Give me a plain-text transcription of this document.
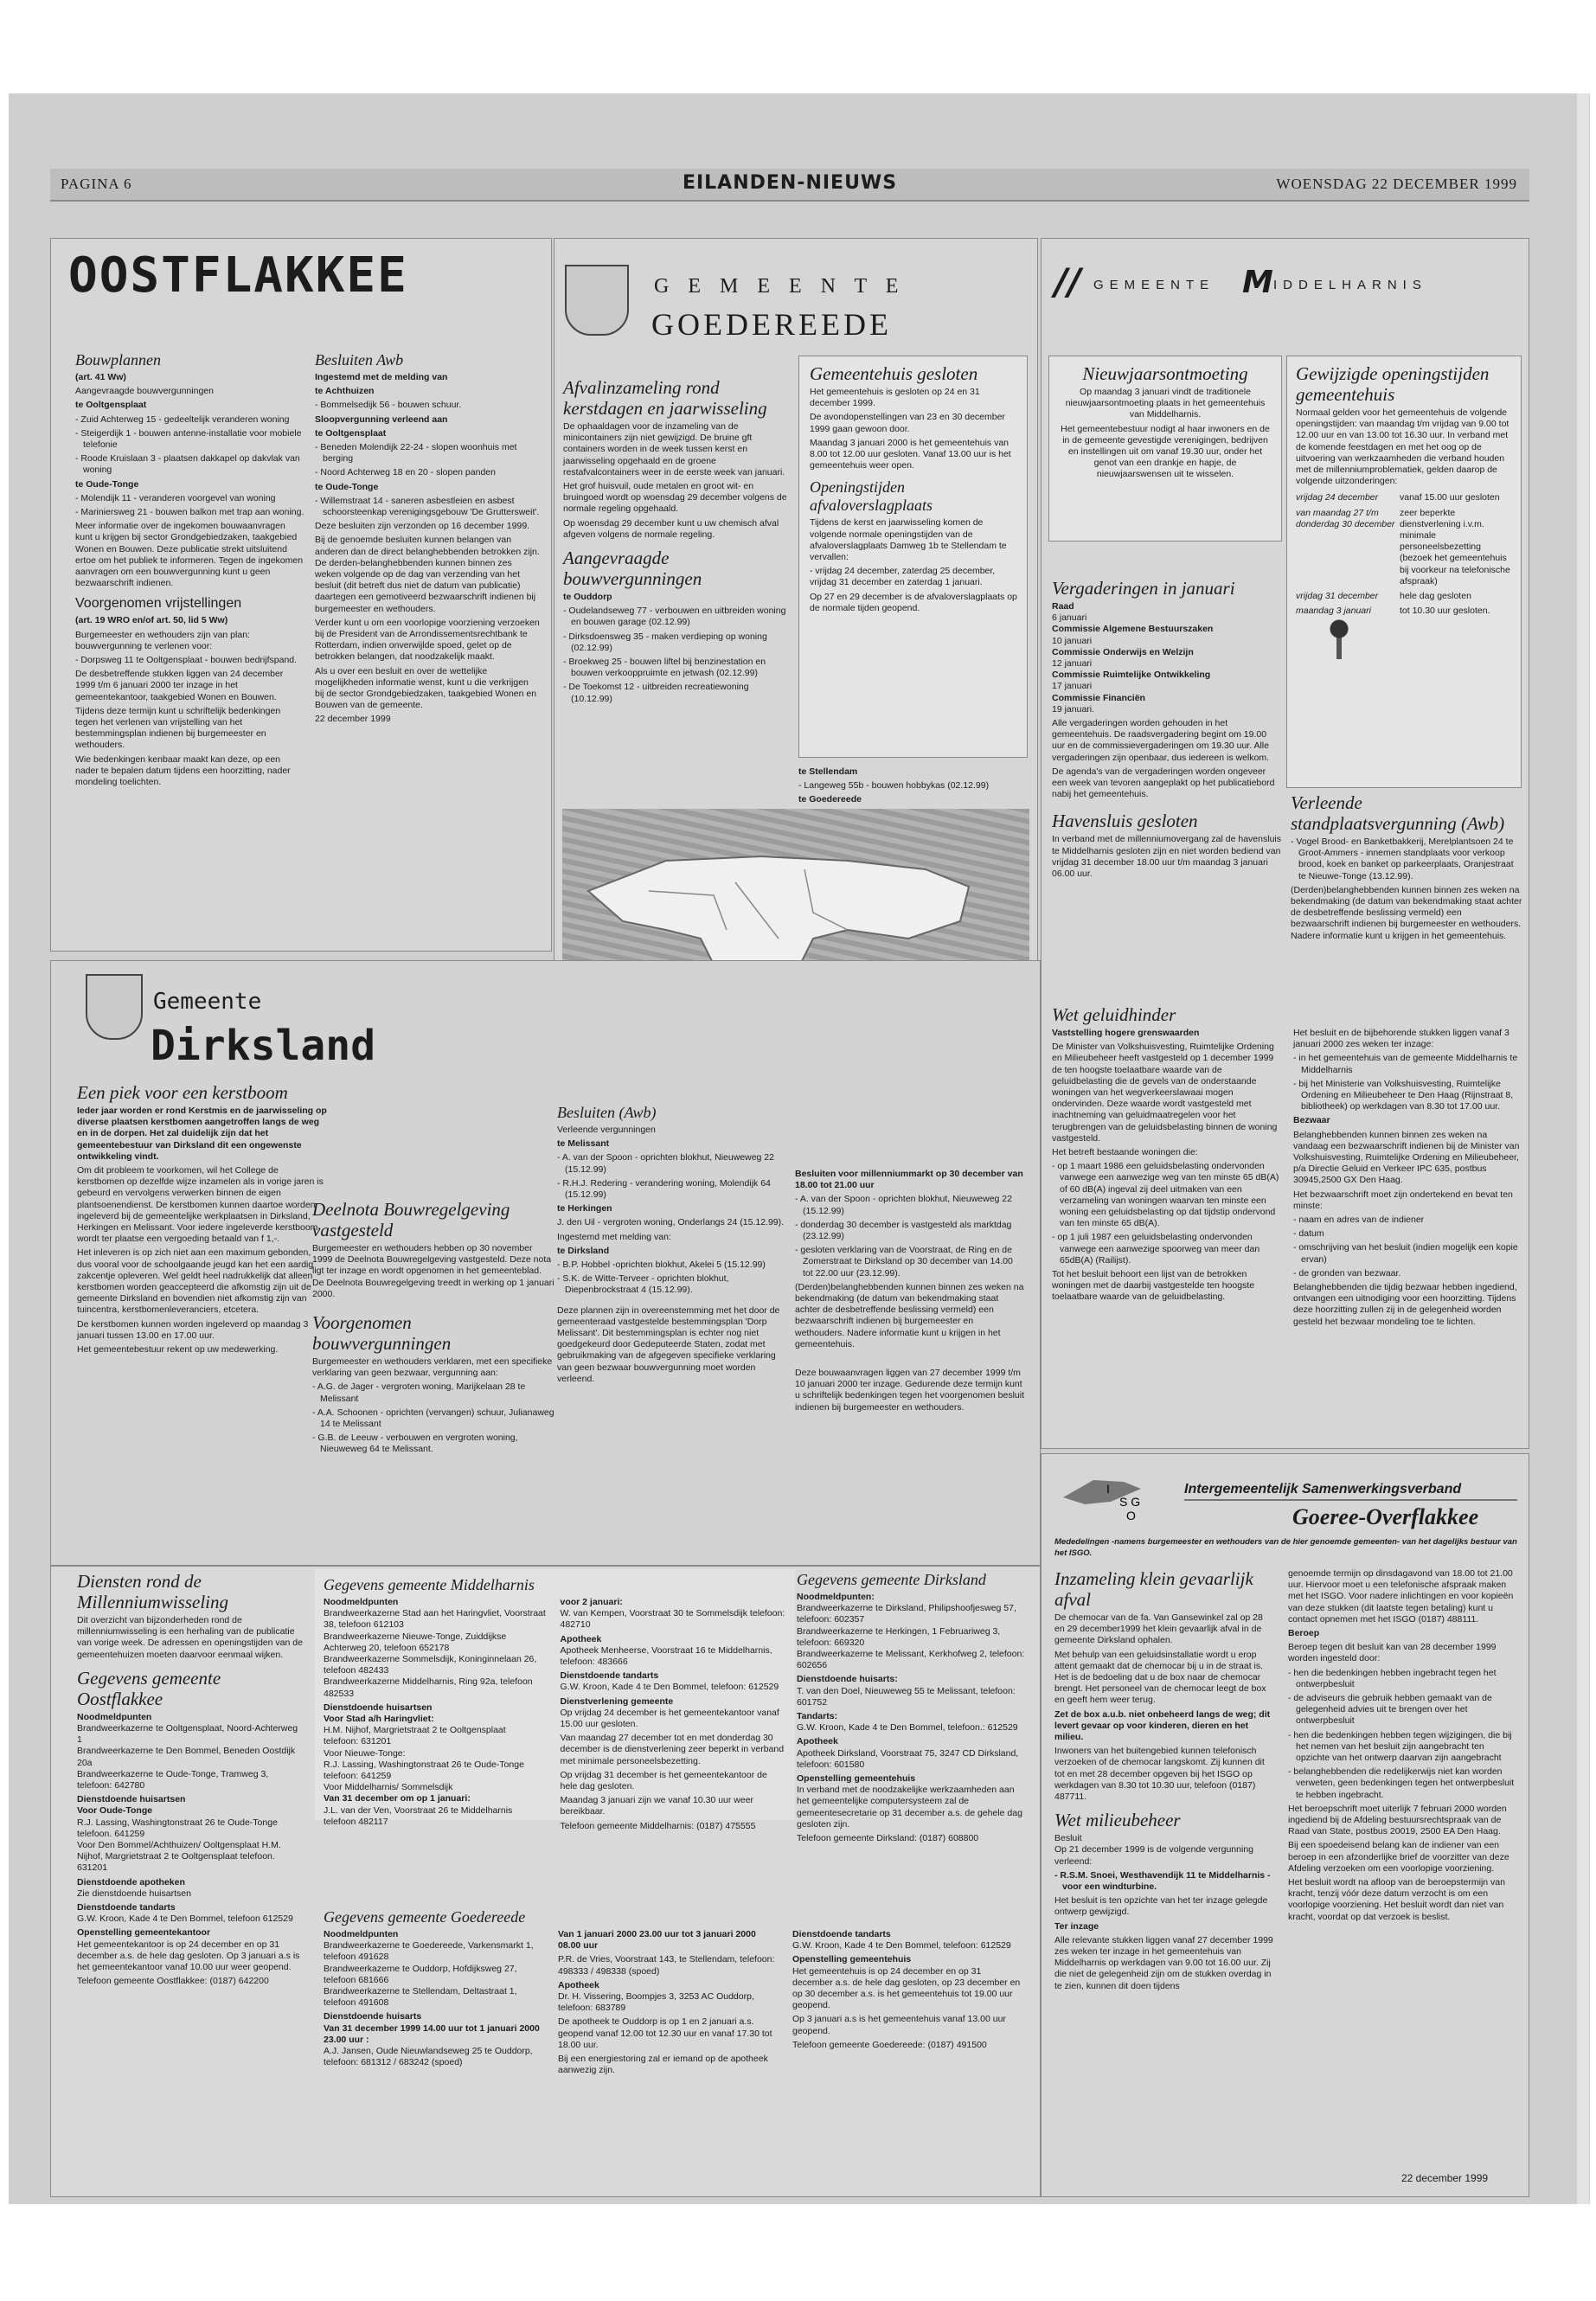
PAGINA 6	EILANDEN-NIEUWS	WOENSDAG 22 DECEMBER 1999
OOSTFLAKKEE
Bouwplannen

(art. 41 Ww)

Aangevraagde bouwvergunningen

te Ooltgensplaat

- Zuid Achterweg 15 - gedeeltelijk veranderen woning

- Steigerdijk 1 - bouwen antenne-installatie voor mobiele telefonie

- Roode Kruislaan 3 - plaatsen dakkapel op dakvlak van woning

te Oude-Tonge

- Molendijk 11 - veranderen voorgevel van woning

- Mariniersweg 21 - bouwen balkon met trap aan woning.

Meer informatie over de ingekomen bouwaanvragen kunt u krijgen bij sector Grondgebiedzaken, taakgebied Wonen en Bouwen. Deze publicatie strekt uitsluitend ertoe om het publiek te informeren. Tegen de ingekomen aanvragen om een bouwvergunning kunt u geen bezwaarschrift indienen.

Voorgenomen vrijstellingen

(art. 19 WRO en/of art. 50, lid 5 Ww)

Burgemeester en wethouders zijn van plan: bouwvergunning te verlenen voor:

- Dorpsweg 11 te Ooltgensplaat - bouwen bedrijfspand.

De desbetreffende stukken liggen van 24 december 1999 t/m 6 januari 2000 ter inzage in het gemeentekantoor, taakgebied Wonen en Bouwen.

Tijdens deze termijn kunt u schriftelijk bedenkingen tegen het verlenen van vrijstelling van het bestemmingsplan indienen bij burgemeester en wethouders.

Wie bedenkingen kenbaar maakt kan deze, op een nader te bepalen datum tijdens een hoorzitting, nader mondeling toelichten.

Besluiten Awb

Ingestemd met de melding van

te Achthuizen

- Bommelsedijk 56 - bouwen schuur.

Sloopvergunning verleend aan

te Ooltgensplaat

- Beneden Molendijk 22-24 - slopen woonhuis met berging

- Noord Achterweg 18 en 20 - slopen panden

te Oude-Tonge

- Willemstraat 14 - saneren asbestleien en asbest schoorsteenkap verenigingsgebouw 'De Gruttersweit'.

Deze besluiten zijn verzonden op 16 december 1999.

Bij de genoemde besluiten kunnen belangen van anderen dan de direct belanghebbenden betrokken zijn. De derden-belanghebbenden kunnen binnen zes weken volgende op de dag van verzending van het besluit (dit betreft dus niet de datum van publicatie) daartegen een gemotiveerd bezwaarschrift indienen bij burgemeester en wethouders.

Verder kunt u om een voorlopige voorziening verzoeken bij de President van de Arrondissementsrechtbank te Rotterdam, indien onverwijlde spoed, gelet op de betrokken belangen, dat noodzakelijk maakt.

Als u over een besluit en over de wettelijke mogelijkheden informatie wenst, kunt u die verkrijgen bij de sector Grondgebiedzaken, taakgebied Wonen en Bouwen van de gemeente.

22 december 1999

G E M E E N T E
GOEDEREEDE
Afvalinzameling rond kerstdagen en jaarwisseling

De ophaaldagen voor de inzameling van de minicontainers zijn niet gewijzigd. De bruine gft containers worden in de week tussen kerst en jaarwisseling opgehaald en de groene restafvalcontainers weer in de eerste week van januari.

Het grof huisvuil, oude metalen en groot wit- en bruingoed wordt op woensdag 29 december volgens de normale regeling opgehaald.

Op woensdag 29 december kunt u uw chemisch afval afgeven volgens de normale regeling.

Aangevraagde bouwvergunningen

te Ouddorp

- Oudelandseweg 77 - verbouwen en uitbreiden woning en bouwen garage (02.12.99)

- Dirksdoensweg 35 - maken verdieping op woning (02.12.99)

- Broekweg 25 - bouwen liftel bij benzinestation en bouwen verkooppruimte en jetwash (02.12.99)

- De Toekomst 12 - uitbreiden recreatiewoning (10.12.99)

Gemeentehuis gesloten

Het gemeentehuis is gesloten op 24 en 31 december 1999.

De avondopenstellingen van 23 en 30 december 1999 gaan gewoon door.

Maandag 3 januari 2000 is het gemeentehuis van 8.00 tot 12.00 uur gesloten. Vanaf 13.00 uur is het gemeentehuis weer open.

Openingstijden afvaloverslagplaats

Tijdens de kerst en jaarwisseling komen de volgende normale openingstijden van de afvaloverslagplaats Damweg 1b te Stellendam te vervallen:

- vrijdag 24 december, zaterdag 25 december, vrijdag 31 december en zaterdag 1 januari.

Op 27 en 29 december is de afvaloverslagplaats op de normale tijden geopend.

te Stellendam

- Langeweg 55b - bouwen hobbykas (02.12.99)

te Goedereede

// GEMEENTE M IDDELHARNIS
Nieuwjaarsontmoeting

Op maandag 3 januari vindt de traditionele nieuwjaarsontmoeting plaats in het gemeentehuis van Middelharnis.

Het gemeentebestuur nodigt al haar inwoners en de in de gemeente gevestigde verenigingen, bedrijven en instellingen uit om vanaf 19.30 uur, onder het genot van een drankje en hapje, de nieuwjaarswensen uit te wisselen.

Vergaderingen in januari

Raad

6 januari

Commissie Algemene Bestuurszaken

10 januari

Commissie Onderwijs en Welzijn

12 januari

Commissie Ruimtelijke Ontwikkeling

17 januari

Commissie Financiën

19 januari.

Alle vergaderingen worden gehouden in het gemeentehuis. De raadsvergadering begint om 19.00 uur en de commissievergaderingen om 19.30 uur. Alle vergaderingen zijn openbaar, dus iedereen is welkom.

De agenda's van de vergaderingen worden ongeveer een week van tevoren aangeplakt op het publicatiebord nabij het gemeentehuis.

Havensluis gesloten

In verband met de millenniumovergang zal de havensluis te Middelharnis gesloten zijn en niet worden bediend van vrijdag 31 december 18.00 uur t/m maandag 3 januari 06.00 uur.

Gewijzigde openingstijden gemeentehuis

Normaal gelden voor het gemeentehuis de volgende openingstijden: van maandag t/m vrijdag van 9.00 tot 12.00 uur en van 13.00 tot 16.30 uur. In verband met de komende feestdagen en met het oog op de uitvoering van werkzaamheden die verband houden met de millenniumproblematiek, gelden daarop de volgende uitzonderingen:

vrijdag 24 december	vanaf 15.00 uur gesloten
van maandag 27 t/m donderdag 30 december	zeer beperkte dienstverlening i.v.m. minimale personeelsbezetting (bezoek het gemeentehuis bij voorkeur na telefonische afspraak)
vrijdag 31 december	hele dag gesloten
maandag 3 januari	tot 10.30 uur gesloten.
Verleende standplaatsvergunning (Awb)

- Vogel Brood- en Banketbakkerij, Merelplantsoen 24 te Groot-Ammers - innemen standplaats voor verkoop brood, koek en banket op parkeerplaats, Oranjestraat te Nieuwe-Tonge (13.12.99).

(Derden)belanghebbenden kunnen binnen zes weken na bekendmaking (de datum van bekendmaking staat achter de desbetreffende beslissing vermeld) een bezwaarschrift indienen bij burgemeester en wethouders. Nadere informatie kunt u krijgen in het gemeentehuis.

Wet geluidhinder

Vaststelling hogere grenswaarden

De Minister van Volkshuisvesting, Ruimtelijke Ordening en Milieubeheer heeft vastgesteld op 1 december 1999 de ten hoogste toelaatbare waarde van de geluidbelasting die de gevels van de onderstaande woningen van het wegverkeerslawaai mogen ondervinden. Deze waarde wordt vastgesteld met inachtneming van geluidmaatregelen voor het terugbrengen van de geluidsbelasting binnen de woning vastgesteld.

Het betreft bestaande woningen die:

- op 1 maart 1986 een geluidsbelasting ondervonden vanwege een aanwezige weg van ten minste 65 dB(A) of 60 dB(A) ingeval zij deel uitmaken van een verzameling van woningen waarvan ten minste een woning een geluidsbelasting op dat tijdstip ondervond van ten minste 65 dB(A).

- op 1 juli 1987 een geluidsbelasting ondervonden vanwege een aanwezige spoorweg van meer dan 65dB(A) (Railijst).

Tot het besluit behoort een lijst van de betrokken woningen met de daarbij vastgestelde ten hoogste toelaatbare waarde van de geluidbelasting.

Het besluit en de bijbehorende stukken liggen vanaf 3 januari 2000 zes weken ter inzage:

- in het gemeentehuis van de gemeente Middelharnis te Middelharnis

- bij het Ministerie van Volkshuisvesting, Ruimtelijke Ordening en Milieubeheer te Den Haag (Rijnstraat 8, bibliotheek) op werkdagen van 8.30 tot 17.00 uur.

Bezwaar

Belanghebbenden kunnen binnen zes weken na vandaag een bezwaarschrift indienen bij de Minister van Volkshuisvesting, Ruimtelijke Ordening en Milieubeheer, p/a Directie Geluid en Verkeer IPC 635, postbus 30945,2500 GX Den Haag.

Het bezwaarschrift moet zijn ondertekend en bevat ten minste:

- naam en adres van de indiener

- datum

- omschrijving van het besluit (indien mogelijk een kopie ervan)

- de gronden van bezwaar.

Belanghebbenden die tijdig bezwaar hebben ingediend, ontvangen een uitnodiging voor een hoorzitting. Tijdens deze hoorzitting zullen zij in de gelegenheid worden gesteld het bezwaar mondeling toe te lichten.

Gemeente
Dirksland
Een piek voor een kerstboom

Ieder jaar worden er rond Kerstmis en de jaarwisseling op diverse plaatsen kerstbomen aangetroffen langs de weg en in de dorpen. Het zal duidelijk zijn dat het gemeentebestuur van Dirksland dit een ongewenste ontwikkeling vindt.

Om dit probleem te voorkomen, wil het College de kerstbomen op dezelfde wijze inzamelen als in vorige jaren is gebeurd en vervolgens verwerken binnen de eigen plantsoenendienst. De kerstbomen kunnen daartoe worden ingeleverd bij de gemeentelijke werkplaatsen in Dirksland, Herkingen en Melissant. Voor iedere ingeleverde kerstboom wordt ter plaatse een vergoeding betaald van f 1,-.

Het inleveren is op zich niet aan een maximum gebonden, dus vooral voor de schoolgaande jeugd kan het een aardig zakcentje opleveren. Wel geldt heel nadrukkelijk dat alleen kerstbomen worden geaccepteerd die afkomstig zijn uit de gemeente Dirksland en bovendien niet afkomstig zijn van tuincentra, kerstbomenleveranciers, etcetera.

De kerstbomen kunnen worden ingeleverd op maandag 3 januari tussen 13.00 en 17.00 uur.

Het gemeentebestuur rekent op uw medewerking.

Deelnota Bouwregelgeving vastgesteld

Burgemeester en wethouders hebben op 30 november 1999 de Deelnota Bouwregelgeving vastgesteld. Deze nota ligt ter inzage en wordt opgenomen in het gemeenteblad. De Deelnota Bouwregelgeving treedt in werking op 1 januari 2000.

Voorgenomen bouwvergunningen

Burgemeester en wethouders verklaren, met een specifieke verklaring van geen bezwaar, vergunning aan:

- A.G. de Jager - vergroten woning, Marijkelaan 28 te Melissant

- A.A. Schoonen - oprichten (vervangen) schuur, Julianaweg 14 te Melissant

- G.B. de Leeuw - verbouwen en vergroten woning, Nieuweweg 64 te Melissant.

Besluiten (Awb)

Verleende vergunningen

te Melissant

- A. van der Spoon - oprichten blokhut, Nieuweweg 22 (15.12.99)

- R.H.J. Redering - verandering woning, Molendijk 64 (15.12.99)

te Herkingen

J. den Uil - vergroten woning, Onderlangs 24 (15.12.99).

Ingestemd met melding van:

te Dirksland

- B.P. Hobbel -oprichten blokhut, Akelei 5 (15.12.99)

- S.K. de Witte-Terveer - oprichten blokhut, Diepenbrockstraat 4 (15.12.99).

Deze plannen zijn in overeenstemming met het door de gemeenteraad vastgestelde bestemmingsplan 'Dorp Melissant'. Dit bestemmingsplan is echter nog niet goedgekeurd door Gedeputeerde Staten, zodat met gebruikmaking van de afgegeven specifieke verklaring van geen bezwaar bouwvergunning moet worden verleend.

Besluiten voor millenniummarkt op 30 december van 18.00 tot 21.00 uur

- A. van der Spoon - oprichten blokhut, Nieuweweg 22 (15.12.99)

- donderdag 30 december is vastgesteld als marktdag (23.12.99)

- gesloten verklaring van de Voorstraat, de Ring en de Zomerstraat te Dirksland op 30 december van 14.00 tot 22.00 uur (23.12.99).

(Derden)belanghebbenden kunnen binnen zes weken na bekendmaking (de datum van bekendmaking staat achter de desbetreffende beslissing vermeld) een bezwaarschrift indienen bij burgemeester en wethouders. Nadere informatie kunt u krijgen in het gemeentehuis.

Deze bouwaanvragen liggen van 27 december 1999 t/m 10 januari 2000 ter inzage. Gedurende deze termijn kunt u schriftelijk bedenkingen tegen het voorgenomen besluit indienen bij burgemeester en wethouders.

I
S G
O
Intergemeentelijk Samenwerkingsverband
Goeree-Overflakkee
Mededelingen -namens burgemeester en wethouders van de hier genoemde gemeenten- van het dagelijks bestuur van het ISGO.
Inzameling klein gevaarlijk afval

De chemocar van de fa. Van Gansewinkel zal op 28 en 29 december1999 het klein gevaarlijk afval in de gemeente Dirksland ophalen.

Met behulp van een geluidsinstallatie wordt u erop attent gemaakt dat de chemocar bij u in de straat is. Het is de bedoeling dat u de box naar de chemocar brengt. Het personeel van de chemocar leegt de box en geeft hem weer terug.

Zet de box a.u.b. niet onbeheerd langs de weg; dit levert gevaar op voor kinderen, dieren en het milieu.

Inwoners van het buitengebied kunnen telefonisch verzoeken of de chemocar langskomt. Zij kunnen dit tot en met 28 december opgeven bij het ISGO op werkdagen van 8.30 tot 10.30 uur, telefoon (0187) 487711.

Wet milieubeheer

Besluit

Op 21 december 1999 is de volgende vergunning verleend:

- R.S.M. Snoei, Westhavendijk 11 te Middelharnis - voor een windturbine.

Het besluit is ten opzichte van het ter inzage gelegde ontwerp gewijzigd.

Ter inzage

Alle relevante stukken liggen vanaf 27 december 1999 zes weken ter inzage in het gemeentehuis van Middelharnis op werkdagen van 9.00 tot 16.00 uur. Zij die niet de gelegenheid zijn om de stukken overdag in te zien, kunnen dit doen tijdens

genoemde termijn op dinsdagavond van 18.00 tot 21.00 uur. Hiervoor moet u een telefonische afspraak maken met het ISGO. Voor nadere inlichtingen en voor kopieën van deze stukken (dit laatste tegen betaling) kunt u contact opnemen met het ISGO (0187) 488111.

Beroep

Beroep tegen dit besluit kan van 28 december 1999 worden ingesteld door:

- hen die bedenkingen hebben ingebracht tegen het ontwerpbesluit

- de adviseurs die gebruik hebben gemaakt van de gelegenheid advies uit te brengen over het ontwerpbesluit

- hen die bedenkingen hebben tegen wijzigingen, die bij het nemen van het besluit zijn aangebracht ten opzichte van het ontwerp daarvan zijn aangebracht

- belanghebbenden die redelijkerwijs niet kan worden verweten, geen bedenkingen tegen het ontwerpbesluit te hebben ingebracht.

Het beroepschrift moet uiterlijk 7 februari 2000 worden ingediend bij de Afdeling bestuursrechtspraak van de Raad van State, postbus 20019, 2500 EA Den Haag.

Bij een spoedeisend belang kan de indiener van een beroep in een afzonderlijke brief de voorzitter van deze Afdeling verzoeken om een voorlopige voorziening.

Het besluit wordt na afloop van de beroepstermijn van kracht, tenzij vóór deze datum verzocht is om een voorlopige voorziening. Het besluit wordt dan niet van kracht, voordat op dat verzoek is beslist.

Diensten rond de Millenniumwisseling

Dit overzicht van bijzonderheden rond de millenniumwisseling is een herhaling van de publicatie van vorige week. De adressen en openingstijden van de gemeentehuizen moeten daarvoor eenmaal wijken.

Gegevens gemeente Oostflakkee

Noodmeldpunten

Brandweerkazerne te Ooltgensplaat, Noord-Achterweg 1

Brandweerkazerne te Den Bommel, Beneden Oostdijk 20a

Brandweerkazerne te Oude-Tonge, Tramweg 3, telefoon: 642780

Dienstdoende huisartsen

Voor Oude-Tonge

R.J. Lassing, Washingtonstraat 26 te Oude-Tonge telefoon. 641259

Voor Den Bommel/Achthuizen/ Ooltgensplaat H.M. Nijhof, Margrietstraat 2 te Ooltgensplaat telefoon. 631201

Dienstdoende apotheken

Zie dienstdoende huisartsen

Dienstdoende tandarts

G.W. Kroon, Kade 4 te Den Bommel, telefoon 612529

Openstelling gemeentekantoor

Het gemeentekantoor is op 24 december en op 31 december a.s. de hele dag gesloten. Op 3 januari a.s is het gemeentekantoor vanaf 10.00 uur weer geopend.

Telefoon gemeente Oostflakkee: (0187) 642200

Gegevens gemeente Middelharnis

Noodmeldpunten

Brandweerkazerne Stad aan het Haringvliet, Voorstraat 38, telefoon 612103

Brandweerkazerne Nieuwe-Tonge, Zuiddijkse Achterweg 20, telefoon 652178

Brandweerkazerne Sommelsdijk, Koninginnelaan 26, telefoon 482433

Brandweerkazerne Middelharnis, Ring 92a, telefoon 482533

Dienstdoende huisartsen

Voor Stad a/h Haringvliet:

H.M. Nijhof, Margrietstraat 2 te Ooltgensplaat

telefoon: 631201

Voor Nieuwe-Tonge:

R.J. Lassing, Washingtonstraat 26 te Oude-Tonge

telefoon: 641259

Voor Middelharnis/ Sommelsdijk

Van 31 december om op 1 januari:

J.L. van der Ven, Voorstraat 26 te Middelharnis

telefoon 482117

voor 2 januari:

W. van Kempen, Voorstraat 30 te Sommelsdijk telefoon: 482710

Apotheek

Apotheek Menheerse, Voorstraat 16 te Middelharnis, telefoon: 483666

Dienstdoende tandarts

G.W. Kroon, Kade 4 te Den Bommel, telefoon: 612529

Dienstverlening gemeente

Op vrijdag 24 december is het gemeentekantoor vanaf 15.00 uur gesloten.

Van maandag 27 december tot en met donderdag 30 december is de dienstverlening zeer beperkt in verband met minimale personeelsbezetting.

Op vrijdag 31 december is het gemeentekantoor de hele dag gesloten.

Maandag 3 januari zijn we vanaf 10.30 uur weer bereikbaar.

Telefoon gemeente Middelharnis: (0187) 475555

Gegevens gemeente Dirksland

Noodmeldpunten:

Brandweerkazerne te Dirksland, Philipshoofjesweg 57, telefoon: 602357

Brandweerkazerne te Herkingen, 1 Februariweg 3, telefoon: 669320

Brandweerkazerne te Melissant, Kerkhofweg 2, telefoon: 602656

Dienstdoende huisarts:

T. van den Doel, Nieuweweg 55 te Melissant, telefoon: 601752

Tandarts:

G.W. Kroon, Kade 4 te Den Bommel, telefoon.: 612529

Apotheek

Apotheek Dirksland, Voorstraat 75, 3247 CD Dirksland, telefoon: 601580

Openstelling gemeentehuis

In verband met de noodzakelijke werkzaamheden aan het gemeentelijke computersysteem zal de gemeentesecretarie op 31 december a.s. de gehele dag gesloten zijn.

Telefoon gemeente Dirksland: (0187) 608800

Gegevens gemeente Goedereede

Noodmeldpunten

Brandweerkazerne te Goedereede, Varkensmarkt 1, telefoon 491628

Brandweerkazerne te Ouddorp, Hofdijksweg 27, telefoon 681666

Brandweerkazerne te Stellendam, Deltastraat 1, telefoon 491608

Dienstdoende huisarts

Van 31 december 1999 14.00 uur tot 1 januari 2000

23.00 uur :

A.J. Jansen, Oude Nieuwlandseweg 25 te Ouddorp,

telefoon: 681312 / 683242 (spoed)

Van 1 januari 2000 23.00 uur tot 3 januari 2000 08.00 uur

P.R. de Vries, Voorstraat 143, te Stellendam, telefoon: 498333 / 498338 (spoed)

Apotheek

Dr. H. Vissering, Boompjes 3, 3253 AC Ouddorp,

telefoon: 683789

De apotheek te Ouddorp is op 1 en 2 januari a.s. geopend vanaf 12.00 tot 12.30 uur en vanaf 17.30 tot 18.00 uur.

Bij een energiestoring zal er iemand op de apotheek aanwezig zijn.

Dienstdoende tandarts

G.W. Kroon, Kade 4 te Den Bommel, telefoon: 612529

Openstelling gemeentehuis

Het gemeentehuis is op 24 december en op 31 december a.s. de hele dag gesloten, op 23 december en op 30 december a.s. is het gemeentehuis tot 19.00 uur geopend.

Op 3 januari a.s is het gemeentehuis vanaf 13.00 uur geopend.

Telefoon gemeente Goedereede: (0187) 491500

22 december 1999
